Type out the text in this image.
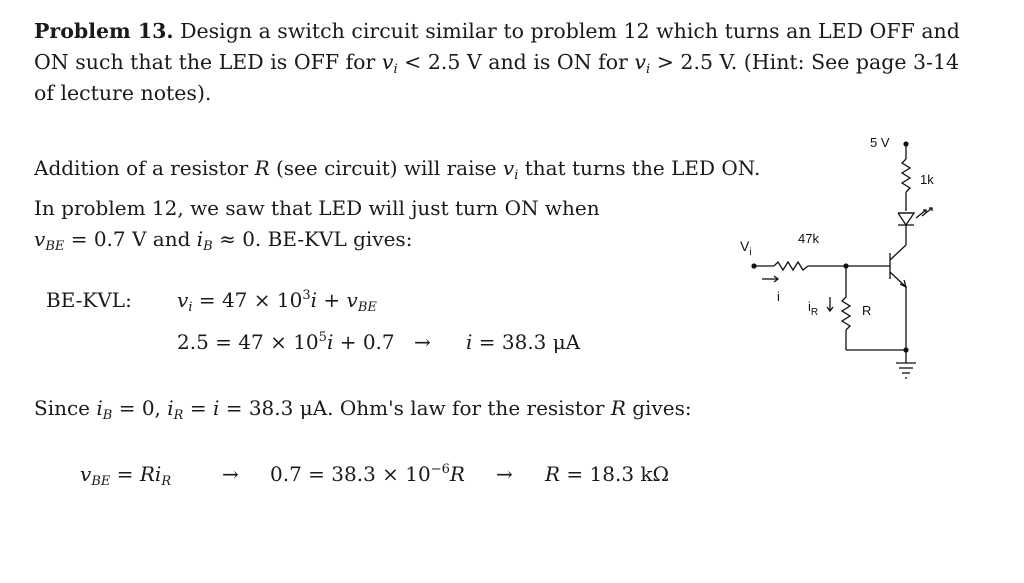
Problem 13. Design a switch circuit similar to problem 12 which turns an LED OFF and
ON such that the LED is OFF for $v_i < 2.5$ V and is ON for $v_i > 2.5$ V. (Hint: See page 3-14
of lecture notes).
Addition of a resistor R (see circuit) will raise $v_i$ that turns the LED ON.
In problem 12, we saw that LED will just turn ON when
$v_{BE} = 0.7$ V and $i_B \approx 0$. BE-KVL gives:
BE-KVL: $v_i = 47 \times 10^3i + v_{BE}$
$2.5 = 47 \times 10^5i + 0.7 \to i = 38.3$ μA
Since $i_B = 0$, $i_R = i = 38.3$ μA. Ohm's law for the resistor R gives:
$v_{BE} = Ri_R$	→ $0.7 = 38.3 \times 10^{-6}R \to R = 18.3$ kΩ
5 V
1k
47k
$V_i$
i
$i_R$	R
